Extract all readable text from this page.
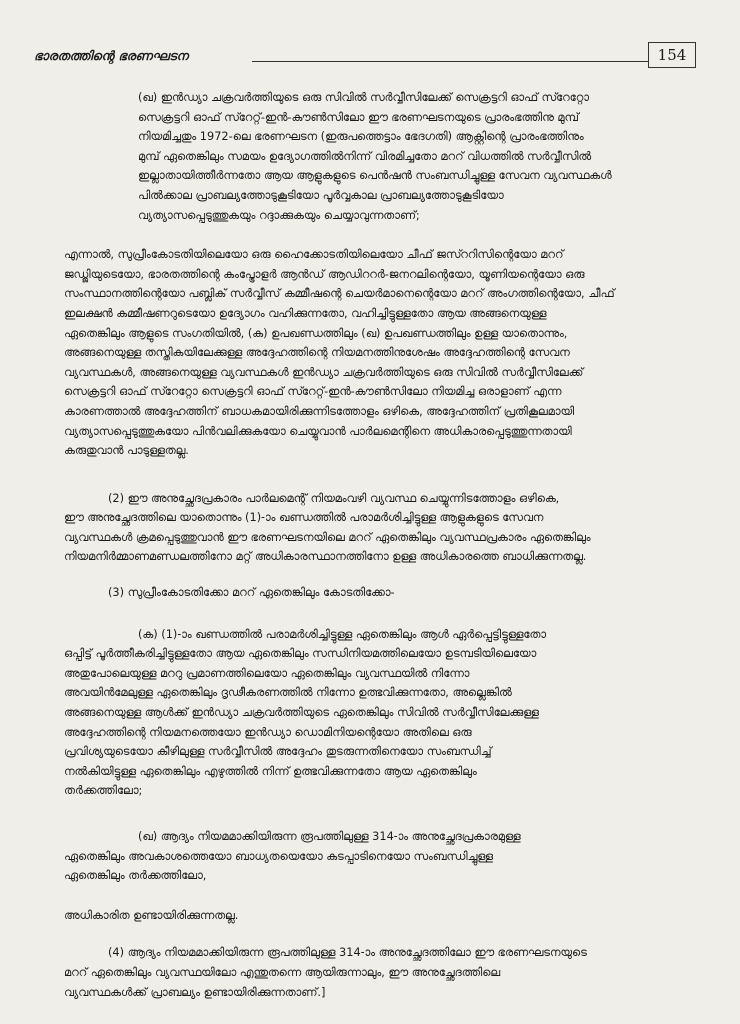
ഭാരതത്തിന്റെ ഭരണഘടന	154

(ഖ) ഇൻഡ്യാ ചക്രവർത്തിയുടെ ഒരു സിവിൽ സർവ്വീസിലേക്ക് സെക്രട്ടറി ഓഫ് സ്റേറ്റോ

സെക്രട്ടറി ഓഫ് സ്റേറ്റ്-ഇൻ-കൗൺസിലോ ഈ ഭരണഘടനയുടെ പ്രാരംഭത്തിനു മുമ്പ്

നിയമിച്ചതും 1972-ലെ ഭരണഘടന (ഇരുപത്തെട്ടാം ഭേദഗതി) ആക്റ്റിന്റെ പ്രാരംഭത്തിനും

മുമ്പ് ഏതെങ്കിലും സമയം ഉദ്യോഗത്തിൽനിന്ന് വിരമിച്ചതോ മററ് വിധത്തിൽ സർവ്വീസിൽ

ഇല്ലാതായിത്തീർന്നതോ ആയ ആളുകളുടെ പെൻഷൻ സംബന്ധിച്ചുള്ള സേവന വ്യവസ്ഥകൾ

പിൽക്കാല പ്രാബല്യത്തോടുകൂടിയോ പൂർവ്വകാല പ്രാബല്യത്തോടുകൂടിയോ

വ്യത്യാസപ്പെടുത്തുകയും റദ്ദാക്കുകയും ചെയ്യാവുന്നതാണ്;

എന്നാൽ, സുപ്രീംകോടതിയിലെയോ ഒരു ഹൈക്കോടതിയിലെയോ ചീഫ് ജസ്ററിസിന്റെയോ മററ്

ജഡ്ജിയുടെയോ, ഭാരതത്തിന്റെ കംപ്ട്രോളർ ആൻഡ് ആഡിററർ-ജനറലിന്റെയോ, യൂണിയന്റെയോ ഒരു

സംസ്ഥാനത്തിന്റെയോ പബ്ലിക് സർവ്വീസ് കമ്മീഷന്റെ ചെയർമാനെന്റെയോ മററ് അംഗത്തിന്റെയോ, ചീഫ്

ഇലക്ഷൻ കമ്മീഷണറുടെയോ ഉദ്യോഗം വഹിക്കുന്നതോ, വഹിച്ചിട്ടുള്ളതോ ആയ അങ്ങനെയുള്ള

ഏതെങ്കിലും ആളുടെ സംഗതിയിൽ, (ക) ഉപഖണ്ഡത്തിലും (ഖ) ഉപഖണ്ഡത്തിലും ഉള്ള യാതൊന്നും,

അങ്ങനെയുള്ള തസ്തികയിലേക്കുള്ള അദ്ദേഹത്തിന്റെ നിയമനത്തിനുശേഷം അദ്ദേഹത്തിന്റെ സേവന

വ്യവസ്ഥകൾ, അങ്ങനെയുള്ള വ്യവസ്ഥകൾ ഇൻഡ്യാ ചക്രവർത്തിയുടെ ഒരു സിവിൽ സർവ്വീസിലേക്ക്

സെക്രട്ടറി ഓഫ് സ്റേറ്റോ സെക്രട്ടറി ഓഫ് സ്റേറ്റ്-ഇൻ-കൗൺസിലോ നിയമിച്ച ഒരാളാണ് എന്ന

കാരണത്താൽ അദ്ദേഹത്തിന് ബാധകമായിരിക്കുന്നിടത്തോളം ഒഴികെ, അദ്ദേഹത്തിന് പ്രതികൂലമായി

വ്യത്യാസപ്പെടുത്തുകയോ പിൻവലിക്കുകയോ ചെയ്യുവാൻ പാർലമെന്റിനെ അധികാരപ്പെടുത്തുന്നതായി

കരുതുവാൻ പാടുള്ളതല്ല.

(2) ഈ അനുച്ഛേദപ്രകാരം പാർലമെന്റ് നിയമംവഴി വ്യവസ്ഥ ചെയ്യുന്നിടത്തോളം ഒഴികെ,

ഈ അനുച്ഛേദത്തിലെ യാതൊന്നും (1)-ാം ഖണ്ഡത്തിൽ പരാമർശിച്ചിട്ടുള്ള ആളുകളുടെ സേവന

വ്യവസ്ഥകൾ ക്രമപ്പെടുത്തുവാൻ ഈ ഭരണഘടനയിലെ മററ് ഏതെങ്കിലും വ്യവസ്ഥപ്രകാരം ഏതെങ്കിലും

നിയമനിർമ്മാണമണ്ഡലത്തിനോ മറ്റ് അധികാരസ്ഥാനത്തിനോ ഉള്ള അധികാരത്തെ ബാധിക്കുന്നതല്ല.

(3) സുപ്രീംകോടതിക്കോ മററ് ഏതെങ്കിലും കോടതിക്കോ-

(ക) (1)-ാം ഖണ്ഡത്തിൽ പരാമർശിച്ചിട്ടുള്ള ഏതെങ്കിലും ആൾ ഏർപ്പെട്ടിട്ടുള്ളതോ

ഒപ്പിട്ട് പൂർത്തീകരിച്ചിട്ടുള്ളതോ ആയ ഏതെങ്കിലും സന്ധിനിയമത്തിലെയോ ഉടമ്പടിയിലെയോ

അതുപോലെയുള്ള മററു പ്രമാണത്തിലെയോ ഏതെങ്കിലും വ്യവസ്ഥയിൽ നിന്നോ

അവയിൻമേലുള്ള ഏതെങ്കിലും ദൃഢീകരണത്തിൽ നിന്നോ ഉത്ഭവിക്കുന്നതോ, അല്ലെങ്കിൽ

അങ്ങനെയുള്ള ആൾക്ക് ഇൻഡ്യാ ചക്രവർത്തിയുടെ ഏതെങ്കിലും സിവിൽ സർവ്വീസിലേക്കുള്ള

അദ്ദേഹത്തിന്റെ നിയമനത്തെയോ ഇൻഡ്യാ ഡൊമിനിയന്റെയോ അതിലെ ഒരു

പ്രവിശ്യയുടെയോ കീഴിലുള്ള സർവ്വീസിൽ അദ്ദേഹം തുടരുന്നതിനെയോ സംബന്ധിച്ച്

നൽകിയിട്ടുള്ള ഏതെങ്കിലും എഴുത്തിൽ നിന്ന് ഉത്ഭവിക്കുന്നതോ ആയ ഏതെങ്കിലും

തർക്കത്തിലോ;

(ഖ) ആദ്യം നിയമമാക്കിയിരുന്ന രൂപത്തിലുള്ള 314-ാം അനുച്ഛേദപ്രകാരമുള്ള

ഏതെങ്കിലും അവകാശത്തെയോ ബാധ്യതയെയോ കടപ്പാടിനെയോ സംബന്ധിച്ചുള്ള

ഏതെങ്കിലും തർക്കത്തിലോ,

അധികാരിത ഉണ്ടായിരിക്കുന്നതല്ല.

(4) ആദ്യം നിയമമാക്കിയിരുന്ന രൂപത്തിലുള്ള 314-ാം അനുച്ഛേദത്തിലോ ഈ ഭരണഘടനയുടെ

മററ് ഏതെങ്കിലും വ്യവസ്ഥയിലോ എന്തുതന്നെ ആയിരുന്നാലും, ഈ അനുച്ഛേദത്തിലെ

വ്യവസ്ഥകൾക്ക് പ്രാബല്യം ഉണ്ടായിരിക്കുന്നതാണ്.]
